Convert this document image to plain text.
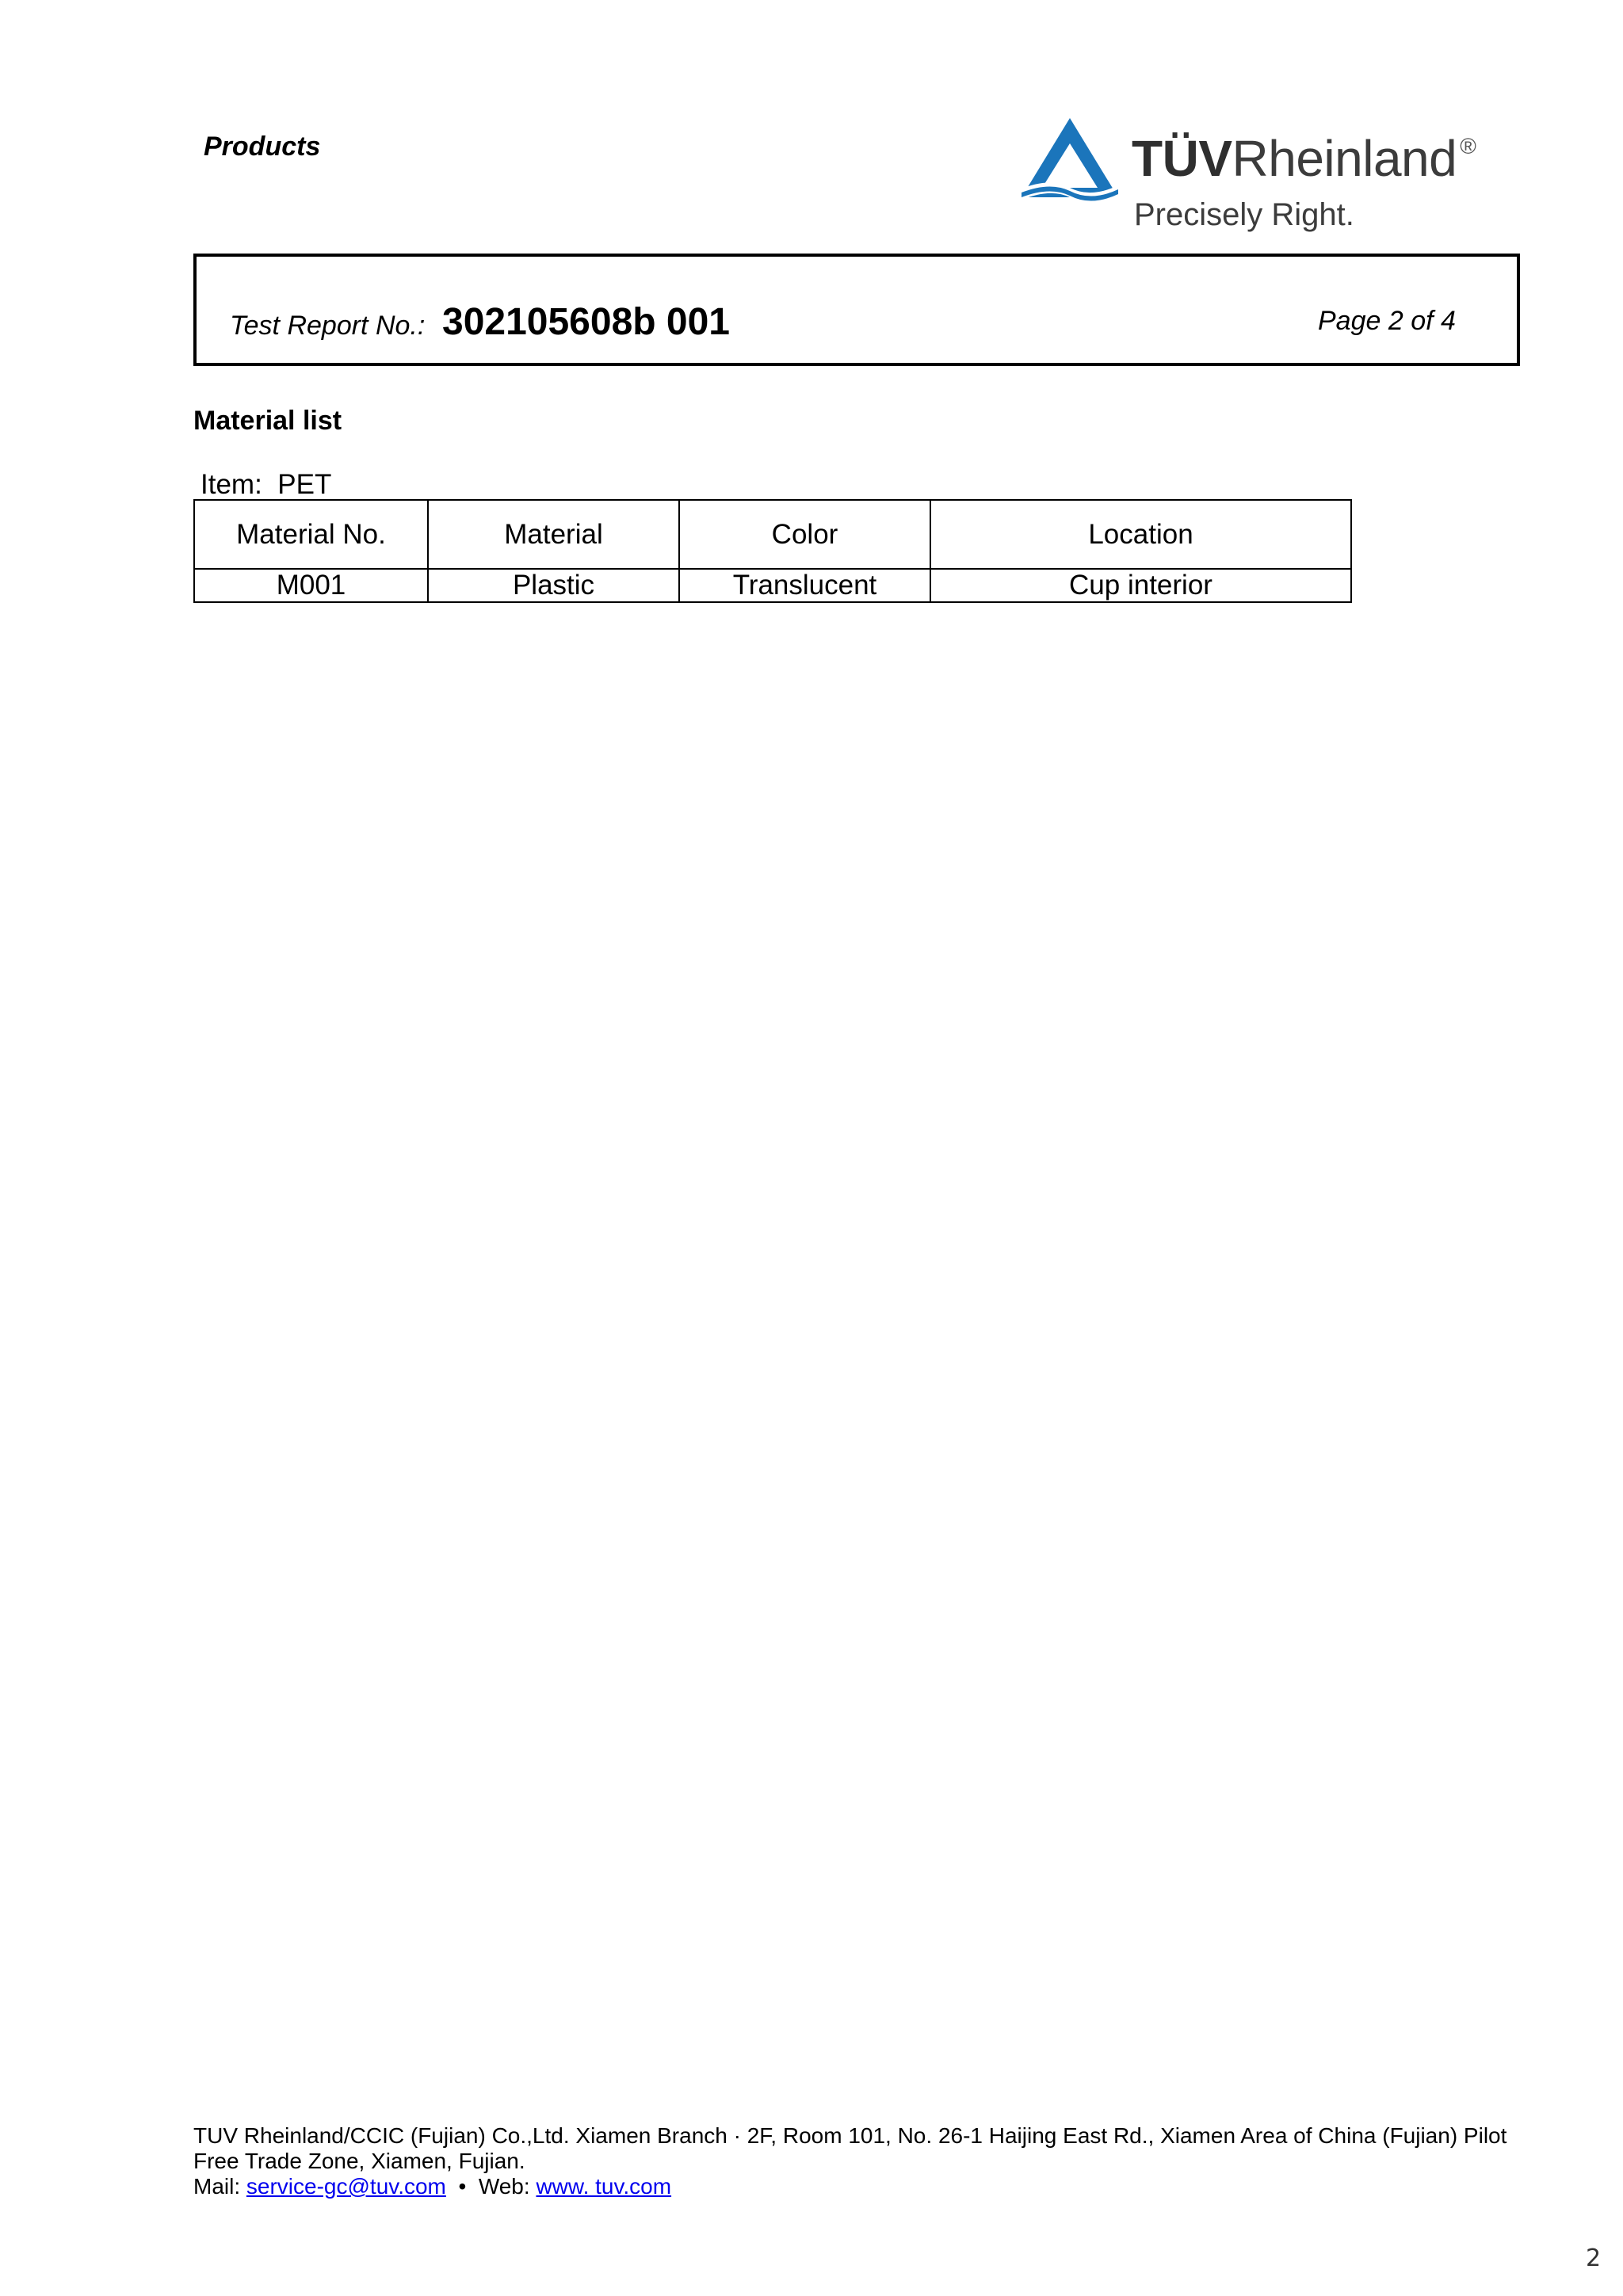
Products	TÜVRheinland ®
Precisely Right.
Test Report No.: 302105608b 001	Page 2 of 4
Material list
Item: PET
Material No.	Material	Color	Location
M001	Plastic	Translucent	Cup interior
TUV Rheinland/CCIC (Fujian) Co.,Ltd. Xiamen Branch · 2F, Room 101, No. 26-1 Haijing East Rd., Xiamen Area of China (Fujian) Pilot
Free Trade Zone, Xiamen, Fujian.
Mail: service-gc@tuv.com • Web: www. tuv.com
2
